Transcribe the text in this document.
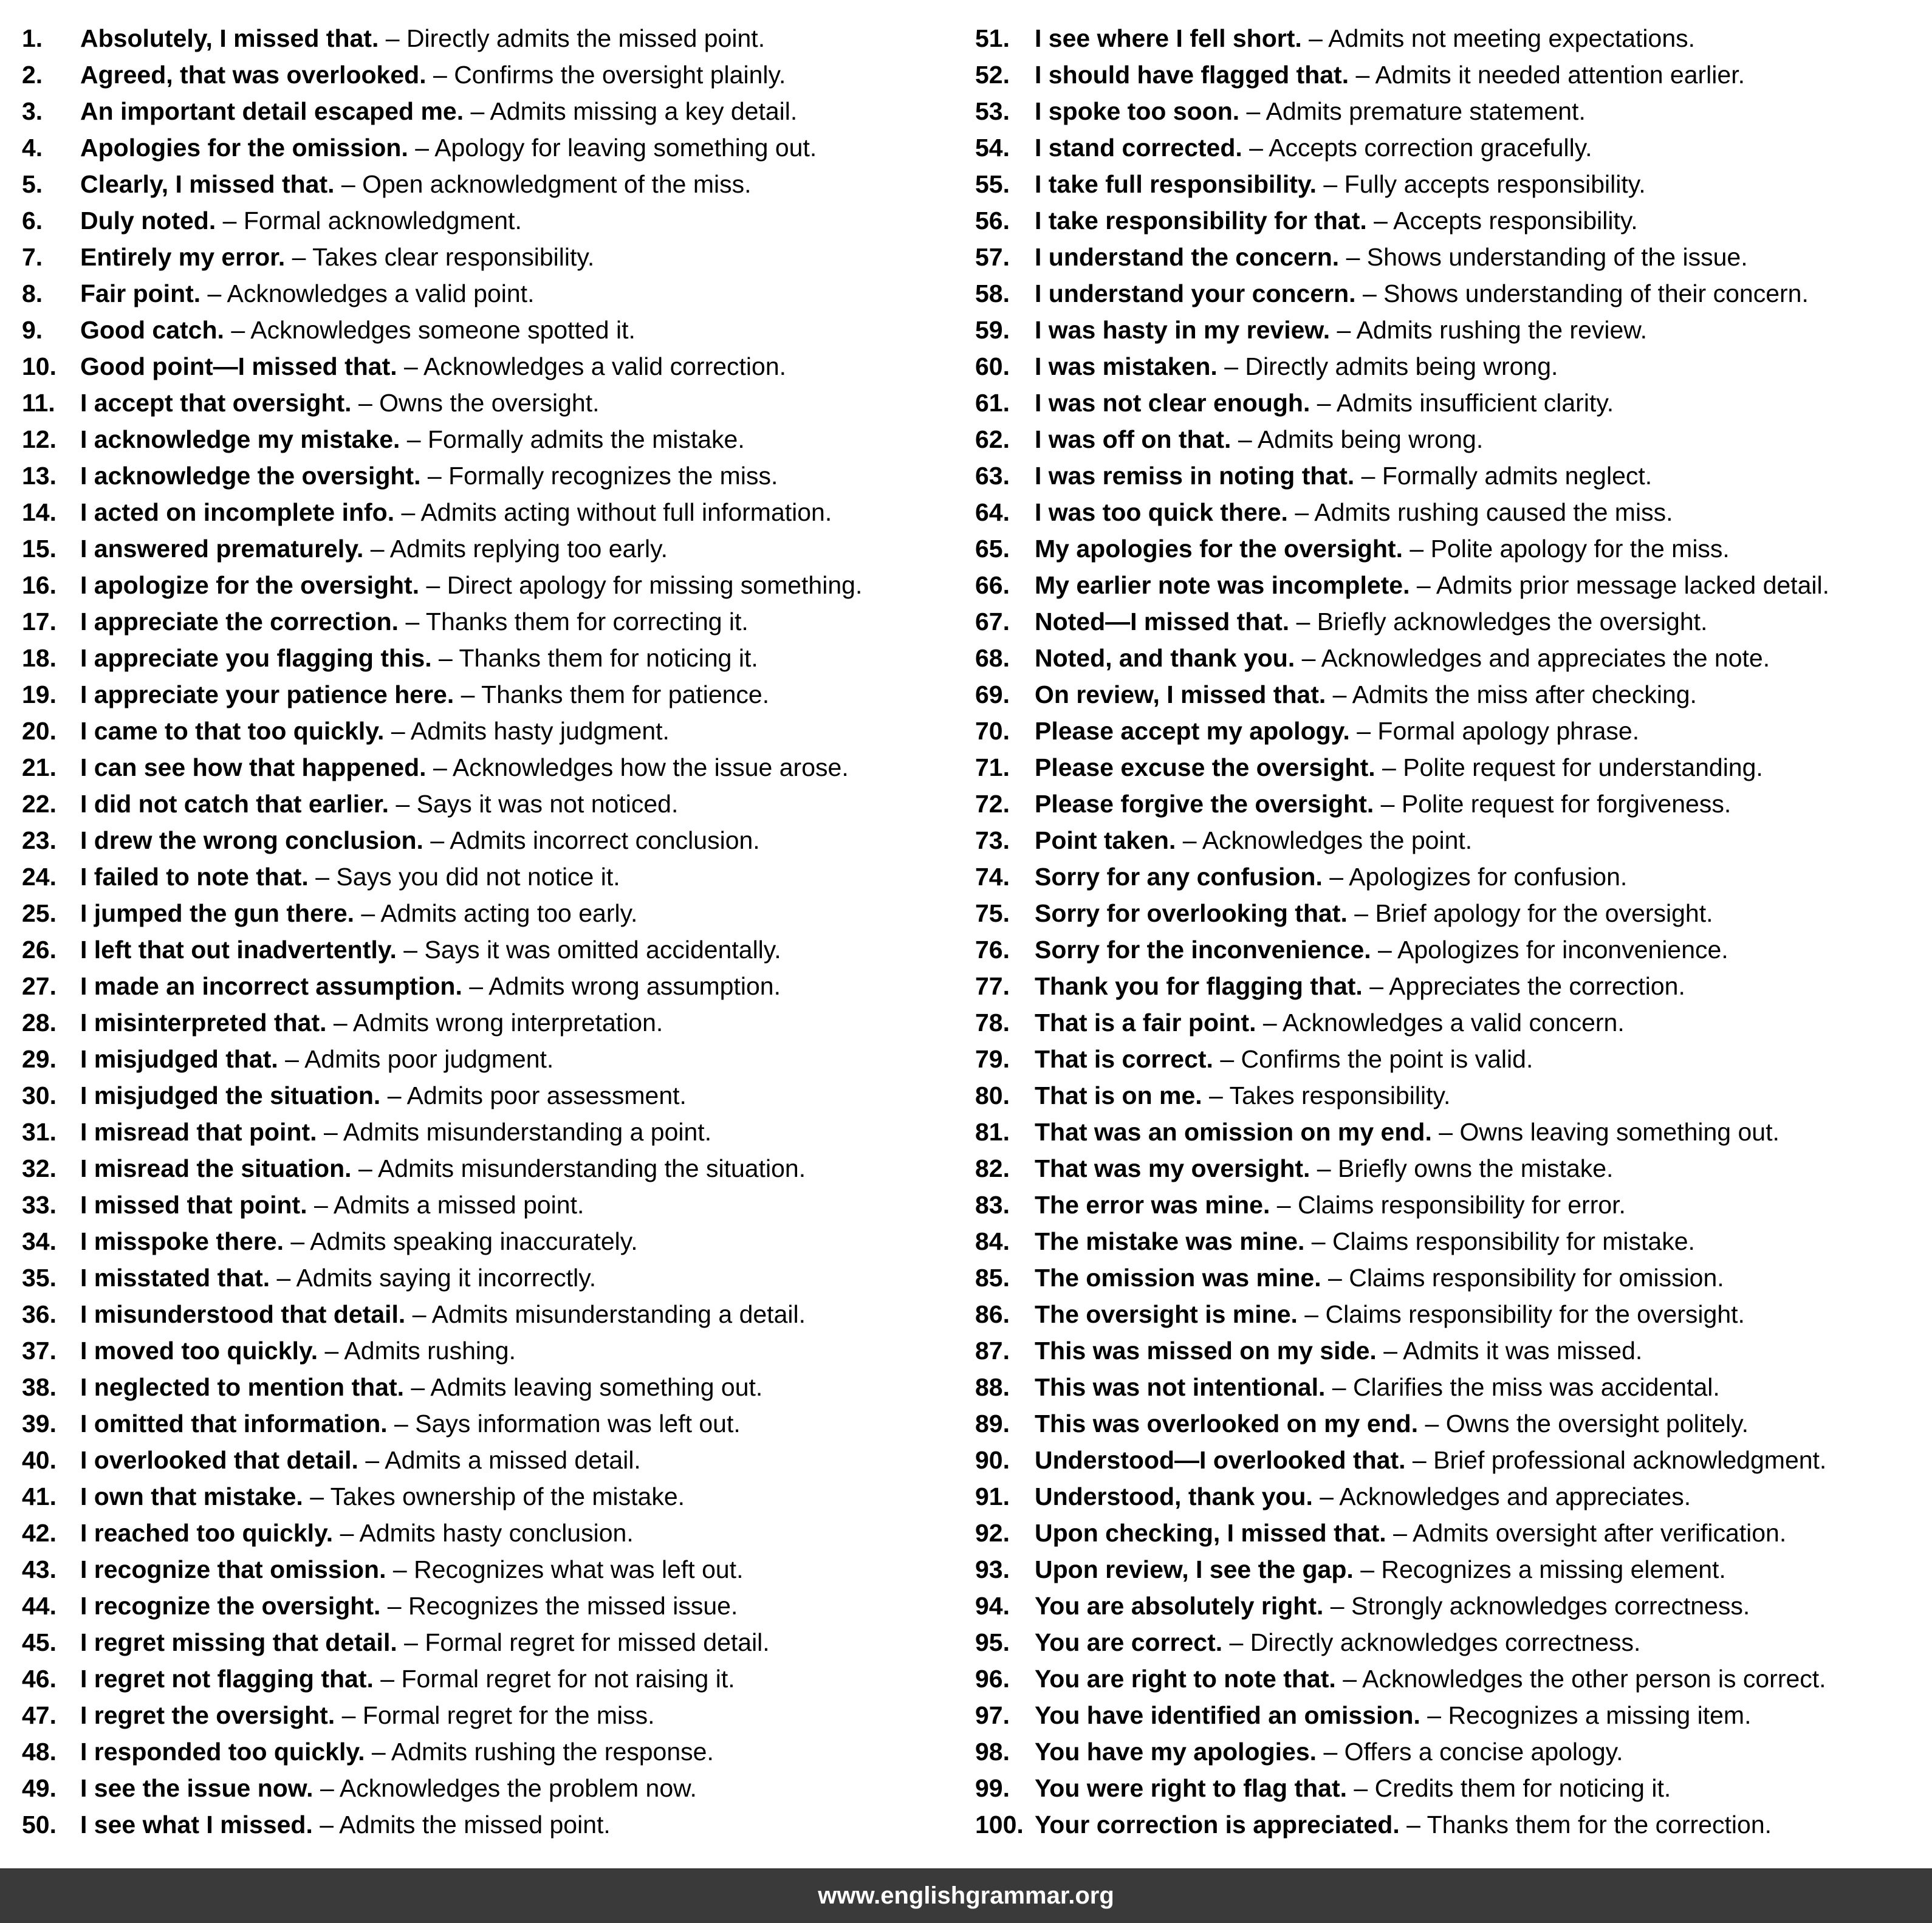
1. Absolutely, I missed that. – Directly admits the missed point.
2. Agreed, that was overlooked. – Confirms the oversight plainly.
3. An important detail escaped me. – Admits missing a key detail.
4. Apologies for the omission. – Apology for leaving something out.
5. Clearly, I missed that. – Open acknowledgment of the miss.
6. Duly noted. – Formal acknowledgment.
7. Entirely my error. – Takes clear responsibility.
8. Fair point. – Acknowledges a valid point.
9. Good catch. – Acknowledges someone spotted it.
10. Good point—I missed that. – Acknowledges a valid correction.
11. I accept that oversight. – Owns the oversight.
12. I acknowledge my mistake. – Formally admits the mistake.
13. I acknowledge the oversight. – Formally recognizes the miss.
14. I acted on incomplete info. – Admits acting without full information.
15. I answered prematurely. – Admits replying too early.
16. I apologize for the oversight. – Direct apology for missing something.
17. I appreciate the correction. – Thanks them for correcting it.
18. I appreciate you flagging this. – Thanks them for noticing it.
19. I appreciate your patience here. – Thanks them for patience.
20. I came to that too quickly. – Admits hasty judgment.
21. I can see how that happened. – Acknowledges how the issue arose.
22. I did not catch that earlier. – Says it was not noticed.
23. I drew the wrong conclusion. – Admits incorrect conclusion.
24. I failed to note that. – Says you did not notice it.
25. I jumped the gun there. – Admits acting too early.
26. I left that out inadvertently. – Says it was omitted accidentally.
27. I made an incorrect assumption. – Admits wrong assumption.
28. I misinterpreted that. – Admits wrong interpretation.
29. I misjudged that. – Admits poor judgment.
30. I misjudged the situation. – Admits poor assessment.
31. I misread that point. – Admits misunderstanding a point.
32. I misread the situation. – Admits misunderstanding the situation.
33. I missed that point. – Admits a missed point.
34. I misspoke there. – Admits speaking inaccurately.
35. I misstated that. – Admits saying it incorrectly.
36. I misunderstood that detail. – Admits misunderstanding a detail.
37. I moved too quickly. – Admits rushing.
38. I neglected to mention that. – Admits leaving something out.
39. I omitted that information. – Says information was left out.
40. I overlooked that detail. – Admits a missed detail.
41. I own that mistake. – Takes ownership of the mistake.
42. I reached too quickly. – Admits hasty conclusion.
43. I recognize that omission. – Recognizes what was left out.
44. I recognize the oversight. – Recognizes the missed issue.
45. I regret missing that detail. – Formal regret for missed detail.
46. I regret not flagging that. – Formal regret for not raising it.
47. I regret the oversight. – Formal regret for the miss.
48. I responded too quickly. – Admits rushing the response.
49. I see the issue now. – Acknowledges the problem now.
50. I see what I missed. – Admits the missed point.
51. I see where I fell short. – Admits not meeting expectations.
52. I should have flagged that. – Admits it needed attention earlier.
53. I spoke too soon. – Admits premature statement.
54. I stand corrected. – Accepts correction gracefully.
55. I take full responsibility. – Fully accepts responsibility.
56. I take responsibility for that. – Accepts responsibility.
57. I understand the concern. – Shows understanding of the issue.
58. I understand your concern. – Shows understanding of their concern.
59. I was hasty in my review. – Admits rushing the review.
60. I was mistaken. – Directly admits being wrong.
61. I was not clear enough. – Admits insufficient clarity.
62. I was off on that. – Admits being wrong.
63. I was remiss in noting that. – Formally admits neglect.
64. I was too quick there. – Admits rushing caused the miss.
65. My apologies for the oversight. – Polite apology for the miss.
66. My earlier note was incomplete. – Admits prior message lacked detail.
67. Noted—I missed that. – Briefly acknowledges the oversight.
68. Noted, and thank you. – Acknowledges and appreciates the note.
69. On review, I missed that. – Admits the miss after checking.
70. Please accept my apology. – Formal apology phrase.
71. Please excuse the oversight. – Polite request for understanding.
72. Please forgive the oversight. – Polite request for forgiveness.
73. Point taken. – Acknowledges the point.
74. Sorry for any confusion. – Apologizes for confusion.
75. Sorry for overlooking that. – Brief apology for the oversight.
76. Sorry for the inconvenience. – Apologizes for inconvenience.
77. Thank you for flagging that. – Appreciates the correction.
78. That is a fair point. – Acknowledges a valid concern.
79. That is correct. – Confirms the point is valid.
80. That is on me. – Takes responsibility.
81. That was an omission on my end. – Owns leaving something out.
82. That was my oversight. – Briefly owns the mistake.
83. The error was mine. – Claims responsibility for error.
84. The mistake was mine. – Claims responsibility for mistake.
85. The omission was mine. – Claims responsibility for omission.
86. The oversight is mine. – Claims responsibility for the oversight.
87. This was missed on my side. – Admits it was missed.
88. This was not intentional. – Clarifies the miss was accidental.
89. This was overlooked on my end. – Owns the oversight politely.
90. Understood—I overlooked that. – Brief professional acknowledgment.
91. Understood, thank you. – Acknowledges and appreciates.
92. Upon checking, I missed that. – Admits oversight after verification.
93. Upon review, I see the gap. – Recognizes a missing element.
94. You are absolutely right. – Strongly acknowledges correctness.
95. You are correct. – Directly acknowledges correctness.
96. You are right to note that. – Acknowledges the other person is correct.
97. You have identified an omission. – Recognizes a missing item.
98. You have my apologies. – Offers a concise apology.
99. You were right to flag that. – Credits them for noticing it.
100. Your correction is appreciated. – Thanks them for the correction.
www.englishgrammar.org
